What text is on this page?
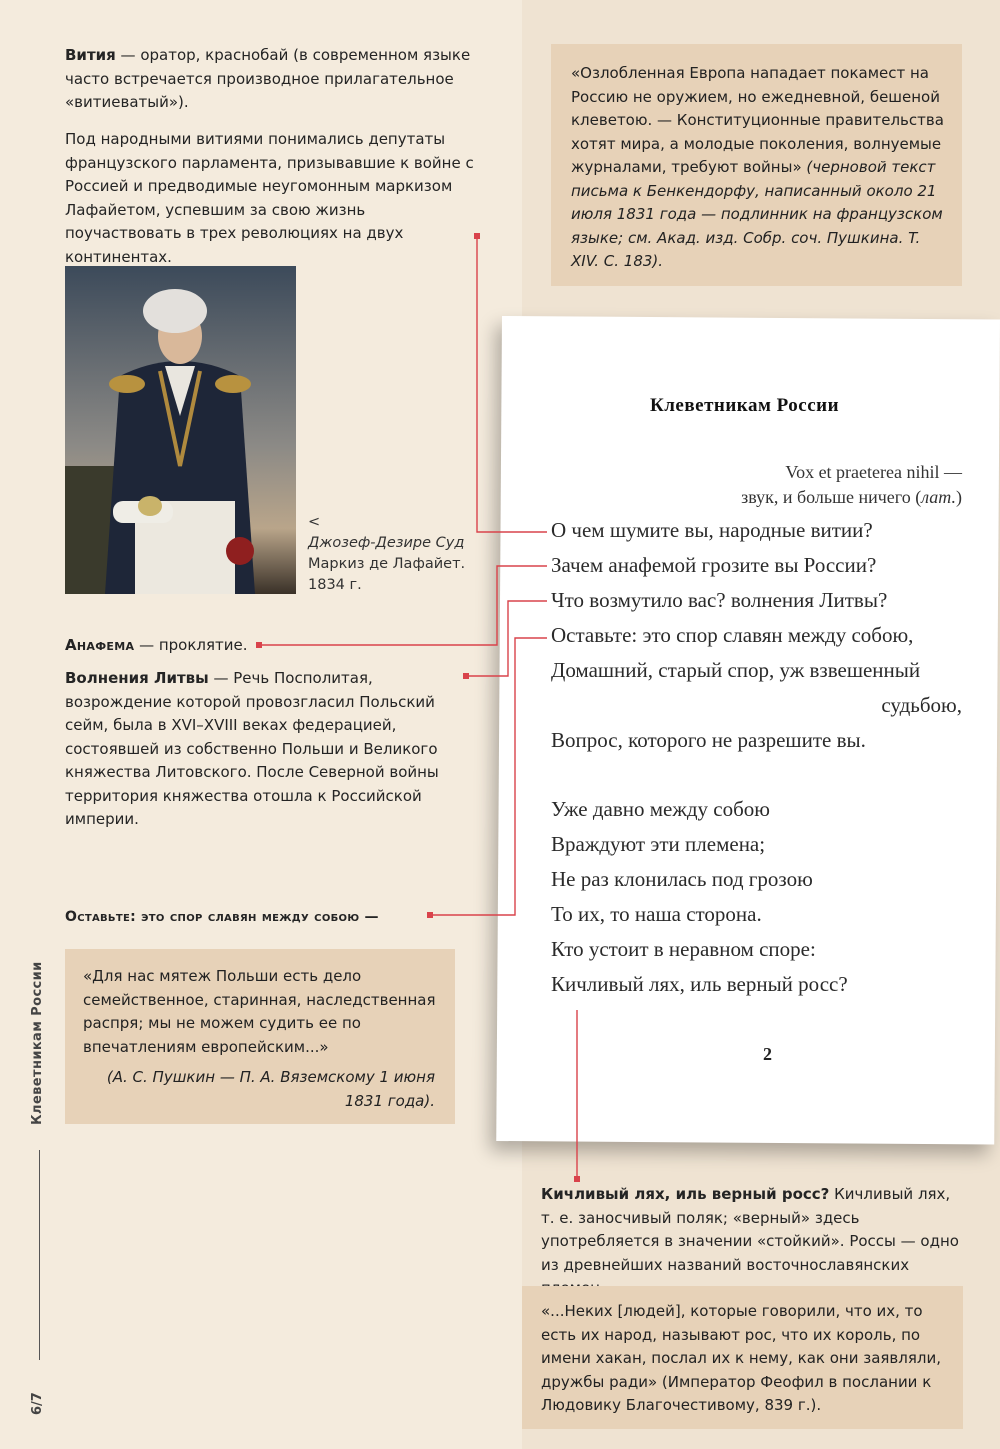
Вития — оратор, краснобай (в современном языке часто встречается производное прилагательное «витиеватый»).
Под народными витиями понимались депутаты французского парламента, призывавшие к войне с Россией и предводимые неугомонным маркизом Лафайетом, успевшим за свою жизнь поучаствовать в трех революциях на двух континентах.
«Озлобленная Европа нападает покамест на Россию не оружием, но ежедневной, бешеной клеветою. — Конституционные правительства хотят мира, а молодые поколения, волнуемые журналами, требуют войны» (черновой текст письма к Бенкендорфу, написанный около 21 июля 1831 года — подлинник на французском языке; см. Акад. изд. Собр. соч. Пушкина. T. XIV. С. 183).
<
Джозеф-Дезире Суд
Маркиз де Лафайет.
1834 г.
Анафема — проклятие.
Волнения Литвы — Речь Посполитая, возрождение которой провозгласил Польский сейм, была в XVI–XVIII веках федерацией, состоявшей из собственно Польши и Великого княжества Литовского. После Северной войны территория княжества отошла к Российской империи.
Оставьте: это спор славян между собою —
«Для нас мятеж Польши есть дело семейственное, старинная, наследственная распря; мы не можем судить ее по впечатлениям европейским...»
(А. С. Пушкин — П. А. Вяземскому 1 июня 1831 года).
Клеветникам России
Vox et praeterea nihil —
звук, и больше ничего (лат.)
О чем шумите вы, народные витии?
Зачем анафемой грозите вы России?
Что возмутило вас? волнения Литвы?
Оставьте: это спор славян между собою,
Домашний, старый спор, уж взвешенный
судьбою,
Вопрос, которого не разрешите вы.
Уже давно между собою
Враждуют эти племена;
Не раз клонилась под грозою
То их, то наша сторона.
Кто устоит в неравном споре:
Кичливый лях, иль верный росс?
2
Кичливый лях, иль верный росс? Кичливый лях, т. е. заносчивый поляк; «верный» здесь употребляется в значении «стойкий». Россы — одно из древнейших названий восточнославянских
«...Неких [людей], которые говорили, что их, то есть их народ, называют рос, что их король, по имени хакан, послал их к нему, как они заявляли, дружбы ради» (Император Феофил в послании к Людовику Благочестивому, 839 г.).
Клеветникам России
6/7
